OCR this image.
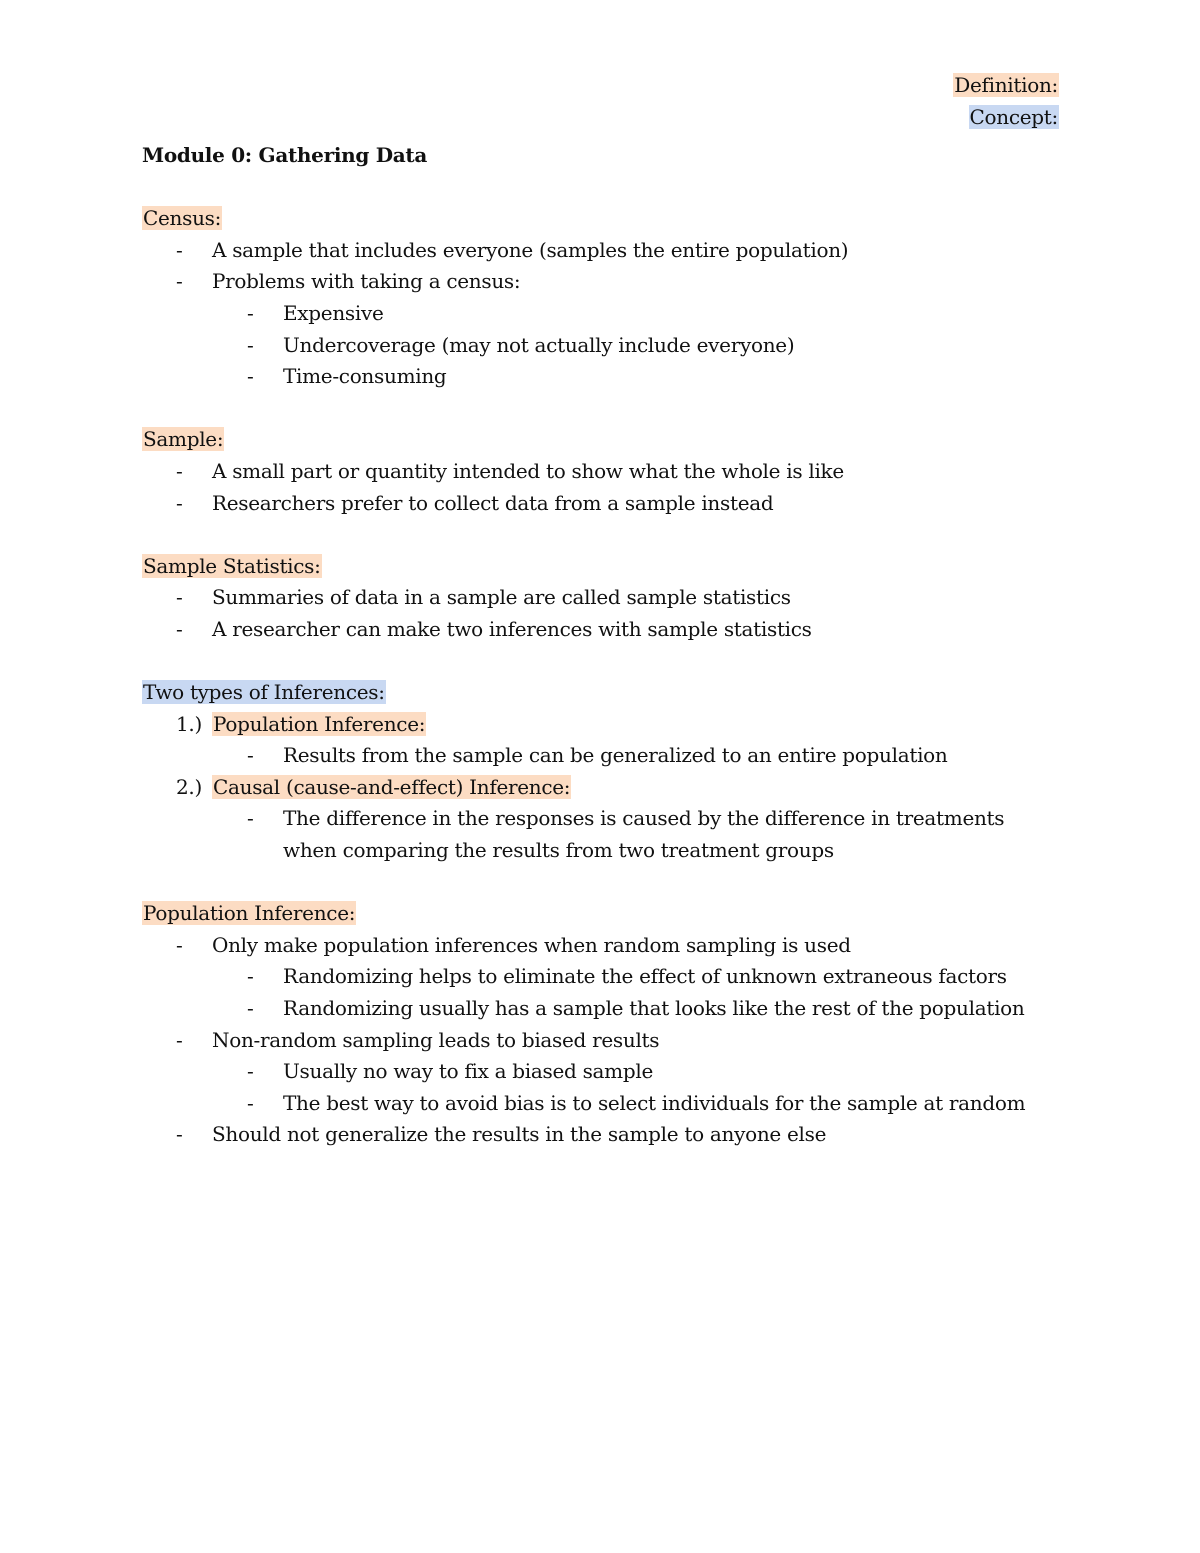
Definition:
Concept:
Module 0: Gathering Data
Census:
- A sample that includes everyone (samples the entire population)
- Problems with taking a census:
- Expensive
- Undercoverage (may not actually include everyone)
- Time-consuming
Sample:
- A small part or quantity intended to show what the whole is like
- Researchers prefer to collect data from a sample instead
Sample Statistics:
- Summaries of data in a sample are called sample statistics
- A researcher can make two inferences with sample statistics
Two types of Inferences:
1.) Population Inference:
- Results from the sample can be generalized to an entire population
2.) Causal (cause-and-effect) Inference:
- The difference in the responses is caused by the difference in treatments
when comparing the results from two treatment groups
Population Inference:
- Only make population inferences when random sampling is used
- Randomizing helps to eliminate the effect of unknown extraneous factors
- Randomizing usually has a sample that looks like the rest of the population
- Non-random sampling leads to biased results
- Usually no way to fix a biased sample
- The best way to avoid bias is to select individuals for the sample at random
- Should not generalize the results in the sample to anyone else
